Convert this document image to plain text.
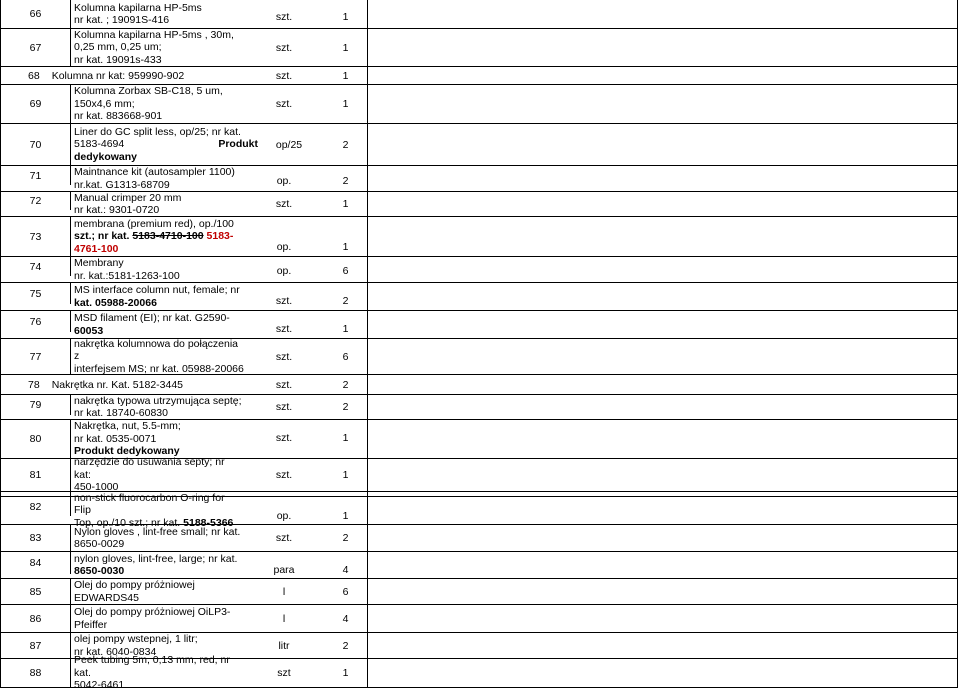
66
Kolumna kapilarna HP-5ms
nr kat. ; 19091S-416	szt.	1
67
Kolumna kapilarna HP-5ms , 30m,
0,25 mm, 0,25 um;
nr kat. 19091s-433
szt.	1
68 Kolumna nr kat: 959990-902	szt.	1
69
Kolumna Zorbax SB-C18, 5 um,
150x4,6 mm;
nr kat. 883668-901
szt.	1
70
Liner do GC split less, op/25; nr kat.
5183-4694	Produkt
dedykowany
op/25	2
71	Maintnance kit (autosampler 1100)
nr.kat. G1313-68709	op.	2
72	Manual crimper 20 mm
nr kat.: 9301-0720	szt.	1
73
membrana (premium red), op./100
szt.; nr kat. 5183-4710-100 5183-
4761-100	op.	1
74	Membrany
nr. kat.:5181-1263-100	op.	6
75	MS interface column nut, female; nr
kat. 05988-20066	szt.	2
76	MSD filament (EI); nr kat. G2590-
60053	szt.	1
77
nakrętka kolumnowa do połączenia z
interfejsem MS; nr kat. 05988-20066
szt.	6
78 Nakrętka nr. Kat. 5182-3445	szt.	2
79	nakrętka typowa utrzymująca septę;
nr kat. 18740-60830	szt.	2
80
Nakrętka, nut, 5.5-mm;
nr kat. 0535-0071
Produkt dedykowany
szt.	1
81
narzędzie do usuwania septy; nr kat:
450-1000
szt.	1
82
non-stick fluorocarbon O-ring for Flip
Top, op./10 szt.; nr kat. 5188-5366
op.	1
83
Nylon gloves , lint-free small; nr kat.
8650-0029	szt.	2
84	nylon gloves, lint-free, large; nr kat.
8650-0030	para	4
85
Olej do pompy próżniowej
EDWARDS45	l	6
86
Olej do pompy próżniowej OiLP3-
Pfeiffer	l	4
87
olej pompy wstepnej, 1 litr;
nr kat. 6040-0834	litr	2
88
Peek tubing 5m, 0,13 mm, red, nr kat.
5042-6461
szt	1
